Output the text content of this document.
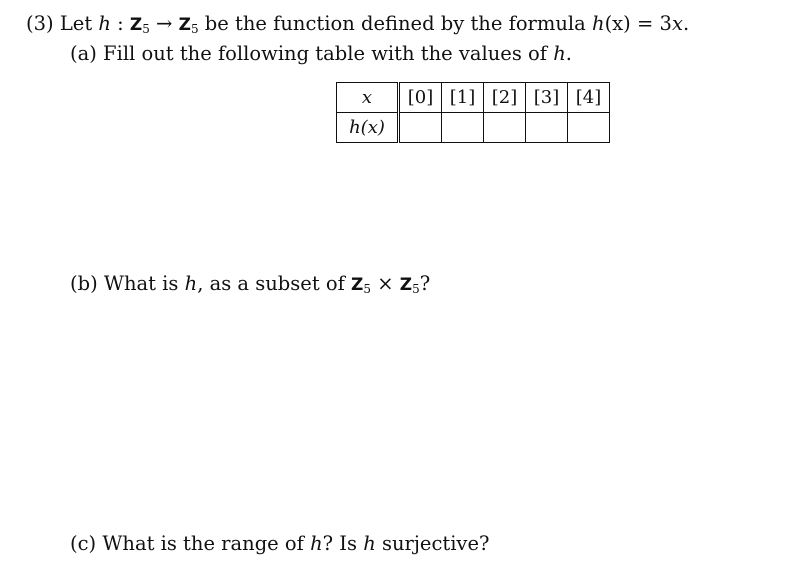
(3) Let h : $Z_5 \to Z_5$ be the function defined by the formula h(x) = 3x.
(a) Fill out the following table with the values of h.
x	[0]	[1]	[2]	[3]	[4]
h(x)					
(b) What is h, as a subset of $Z_5 \times Z_5$?
(c) What is the range of h? Is h surjective?
